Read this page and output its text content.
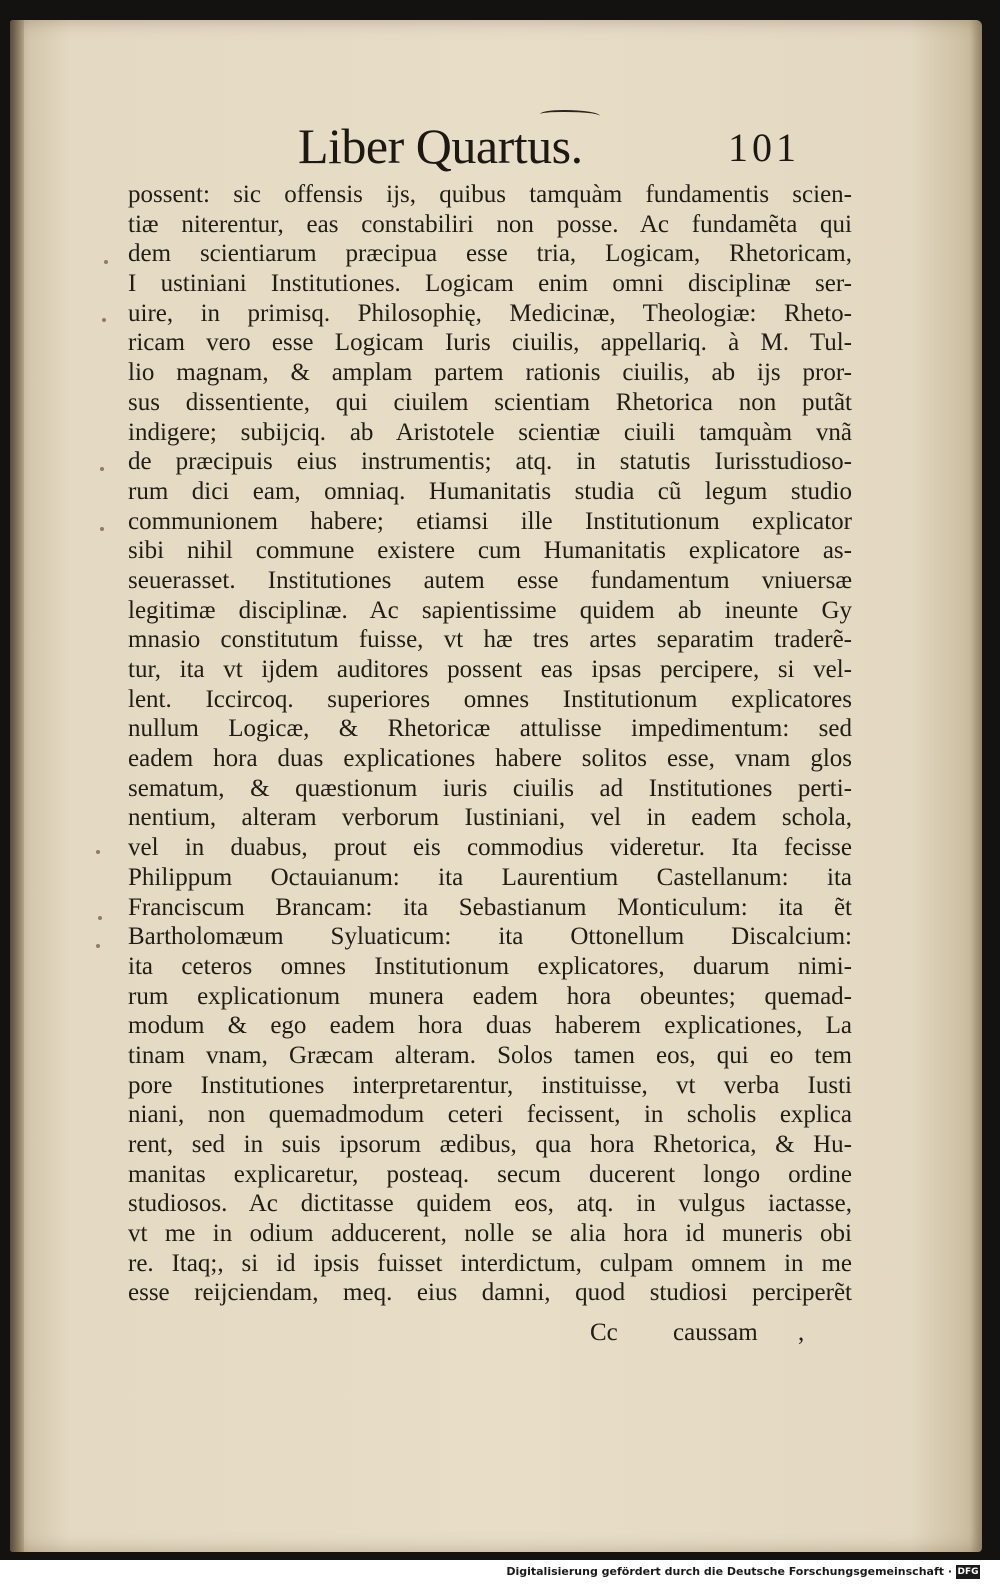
Liber Quartus.	101
possent: sic offensis ijs, quibus tamquàm fundamentis scien-
tiæ niterentur, eas constabiliri non posse. Ac fundamẽta qui
dem scientiarum præcipua esse tria, Logicam, Rhetoricam,
I ustiniani Institutiones. Logicam enim omni disciplinæ ser-
uire, in primisq. Philosophię, Medicinæ, Theologiæ: Rheto-
ricam vero esse Logicam Iuris ciuilis, appellariq. à M. Tul-
lio magnam, & amplam partem rationis ciuilis, ab ijs pror-
sus dissentiente, qui ciuilem scientiam Rhetorica non putãt
indigere; subijciq. ab Aristotele scientiæ ciuili tamquàm vnã
de præcipuis eius instrumentis; atq. in statutis Iurisstudioso-
rum dici eam, omniaq. Humanitatis studia cũ legum studio
communionem habere; etiamsi ille Institutionum explicator
sibi nihil commune existere cum Humanitatis explicatore as-
seuerasset. Institutiones autem esse fundamentum vniuersæ
legitimæ disciplinæ. Ac sapientissime quidem ab ineunte Gy
mnasio constitutum fuisse, vt hæ tres artes separatim traderẽ-
tur, ita vt ijdem auditores possent eas ipsas percipere, si vel-
lent. Iccircoq. superiores omnes Institutionum explicatores
nullum Logicæ, & Rhetoricæ attulisse impedimentum: sed
eadem hora duas explicationes habere solitos esse, vnam glos
sematum, & quæstionum iuris ciuilis ad Institutiones perti-
nentium, alteram verborum Iustiniani, vel in eadem schola,
vel in duabus, prout eis commodius videretur. Ita fecisse
Philippum Octauianum: ita Laurentium Castellanum: ita
Franciscum Brancam: ita Sebastianum Monticulum: ita ẽt
Bartholomæum Syluaticum: ita Ottonellum Discalcium:
ita ceteros omnes Institutionum explicatores, duarum nimi-
rum explicationum munera eadem hora obeuntes; quemad-
modum & ego eadem hora duas haberem explicationes, La
tinam vnam, Græcam alteram. Solos tamen eos, qui eo tem
pore Institutiones interpretarentur, instituisse, vt verba Iusti
niani, non quemadmodum ceteri fecissent, in scholis explica
rent, sed in suis ipsorum ædibus, qua hora Rhetorica, & Hu-
manitas explicaretur, posteaq. secum ducerent longo ordine
studiosos. Ac dictitasse quidem eos, atq. in vulgus iactasse,
vt me in odium adducerent, nolle se alia hora id muneris obi
re. Itaq;, si id ipsis fuisset interdictum, culpam omnem in me
esse reijciendam, meq. eius damni, quod studiosi perciperẽt
Cc caussam ,
Digitalisierung gefördert durch die Deutsche Forschungsgemeinschaft · DFG
